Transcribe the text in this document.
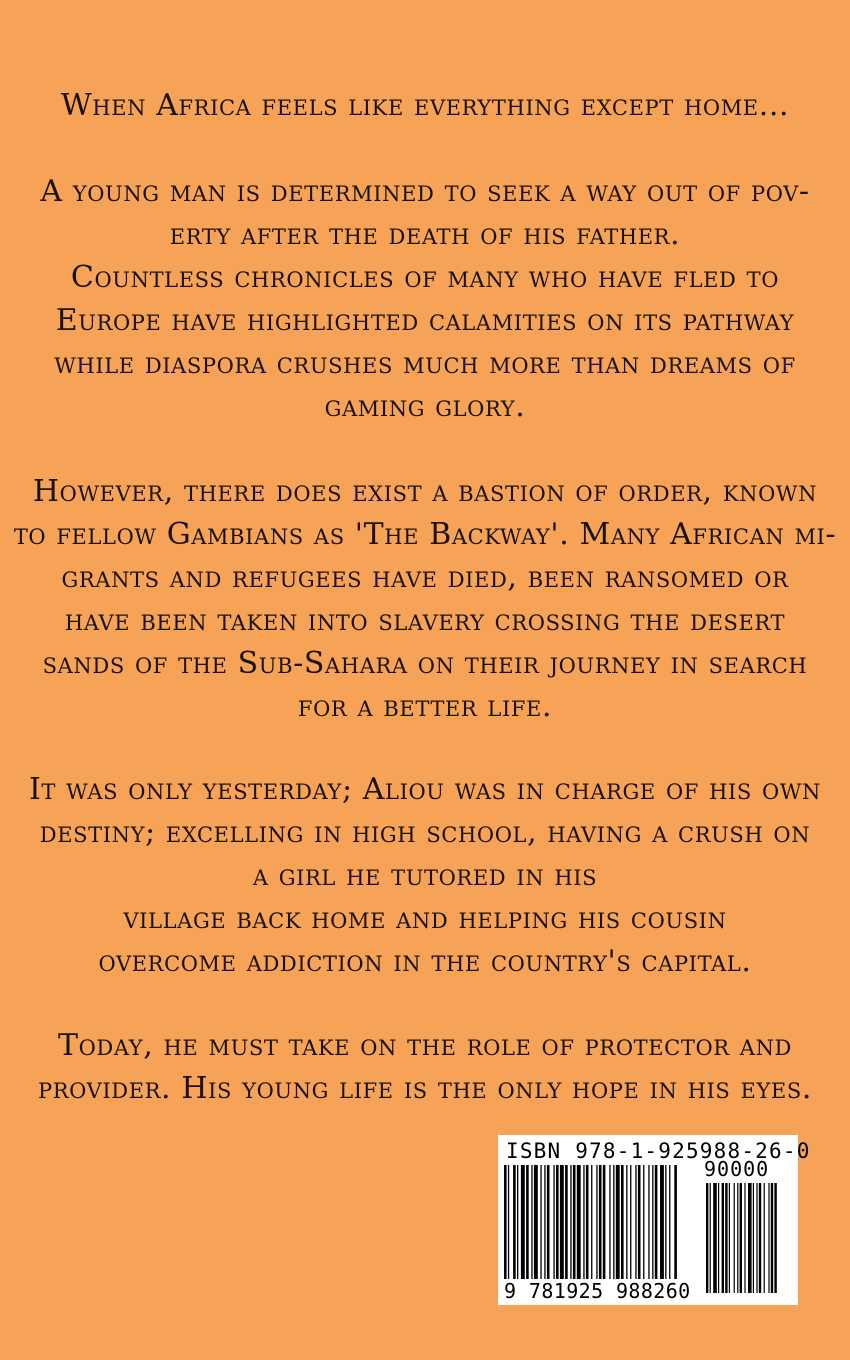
When Africa feels like everything except home...
A young man is determined to seek a way out of pov-
erty after the death of his father.
Countless chronicles of many who have fled to
Europe have highlighted calamities on its pathway
while diaspora crushes much more than dreams of
gaming glory.
However, there does exist a bastion of order, known
to fellow Gambians as 'The Backway'. Many African mi-
grants and refugees have died, been ransomed or
have been taken into slavery crossing the desert
sands of the Sub-Sahara on their journey in search
for a better life.
It was only yesterday; Aliou was in charge of his own
destiny; excelling in high school, having a crush on
a girl he tutored in his
village back home and helping his cousin
overcome addiction in the country's capital.
Today, he must take on the role of protector and
provider. His young life is the only hope in his eyes.
ISBN 978-1-925988-26-0
90000
9 781925 988260
